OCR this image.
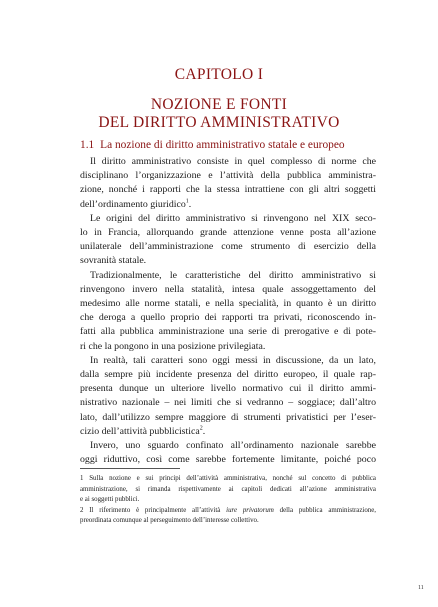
CAPITOLO I
NOZIONE E FONTI
DEL DIRITTO AMMINISTRATIVO
1.1 La nozione di diritto amministrativo statale e europeo

Il diritto amministrativo consiste in quel complesso di norme che
disciplinano l’organizzazione e l’attività della pubblica amministra-
zione, nonché i rapporti che la stessa intrattiene con gli altri soggetti
dell’ordinamento giuridico$^1$.

Le origini del diritto amministrativo si rinvengono nel XIX seco-
lo in Francia, allorquando grande attenzione venne posta all’azione
unilaterale dell’amministrazione come strumento di esercizio della
sovranità statale.

Tradizionalmente, le caratteristiche del diritto amministrativo si
rinvengono invero nella statalità, intesa quale assoggettamento del
medesimo alle norme statali, e nella specialità, in quanto è un diritto
che deroga a quello proprio dei rapporti tra privati, riconoscendo in-
fatti alla pubblica amministrazione una serie di prerogative e di pote-
ri che la pongono in una posizione privilegiata.

In realtà, tali caratteri sono oggi messi in discussione, da un lato,
dalla sempre più incidente presenza del diritto europeo, il quale rap-
presenta dunque un ulteriore livello normativo cui il diritto ammi-
nistrativo nazionale – nei limiti che si vedranno – soggiace; dall’altro
lato, dall’utilizzo sempre maggiore di strumenti privatistici per l’eser-
cizio dell’attività pubblicistica$^2$.

Invero, uno sguardo confinato all’ordinamento nazionale sarebbe
oggi riduttivo, così come sarebbe fortemente limitante, poiché poco

1 Sulla nozione e sui principi dell’attività amministrativa, nonché sul concetto di pubblica
amministrazione, si rimanda rispettivamente ai capitoli dedicati all’azione amministrativa
e ai soggetti pubblici.
2 Il riferimento è principalmente all’attività iure privatorum della pubblica amministrazione,
preordinata comunque al perseguimento dell’interesse collettivo.
11
